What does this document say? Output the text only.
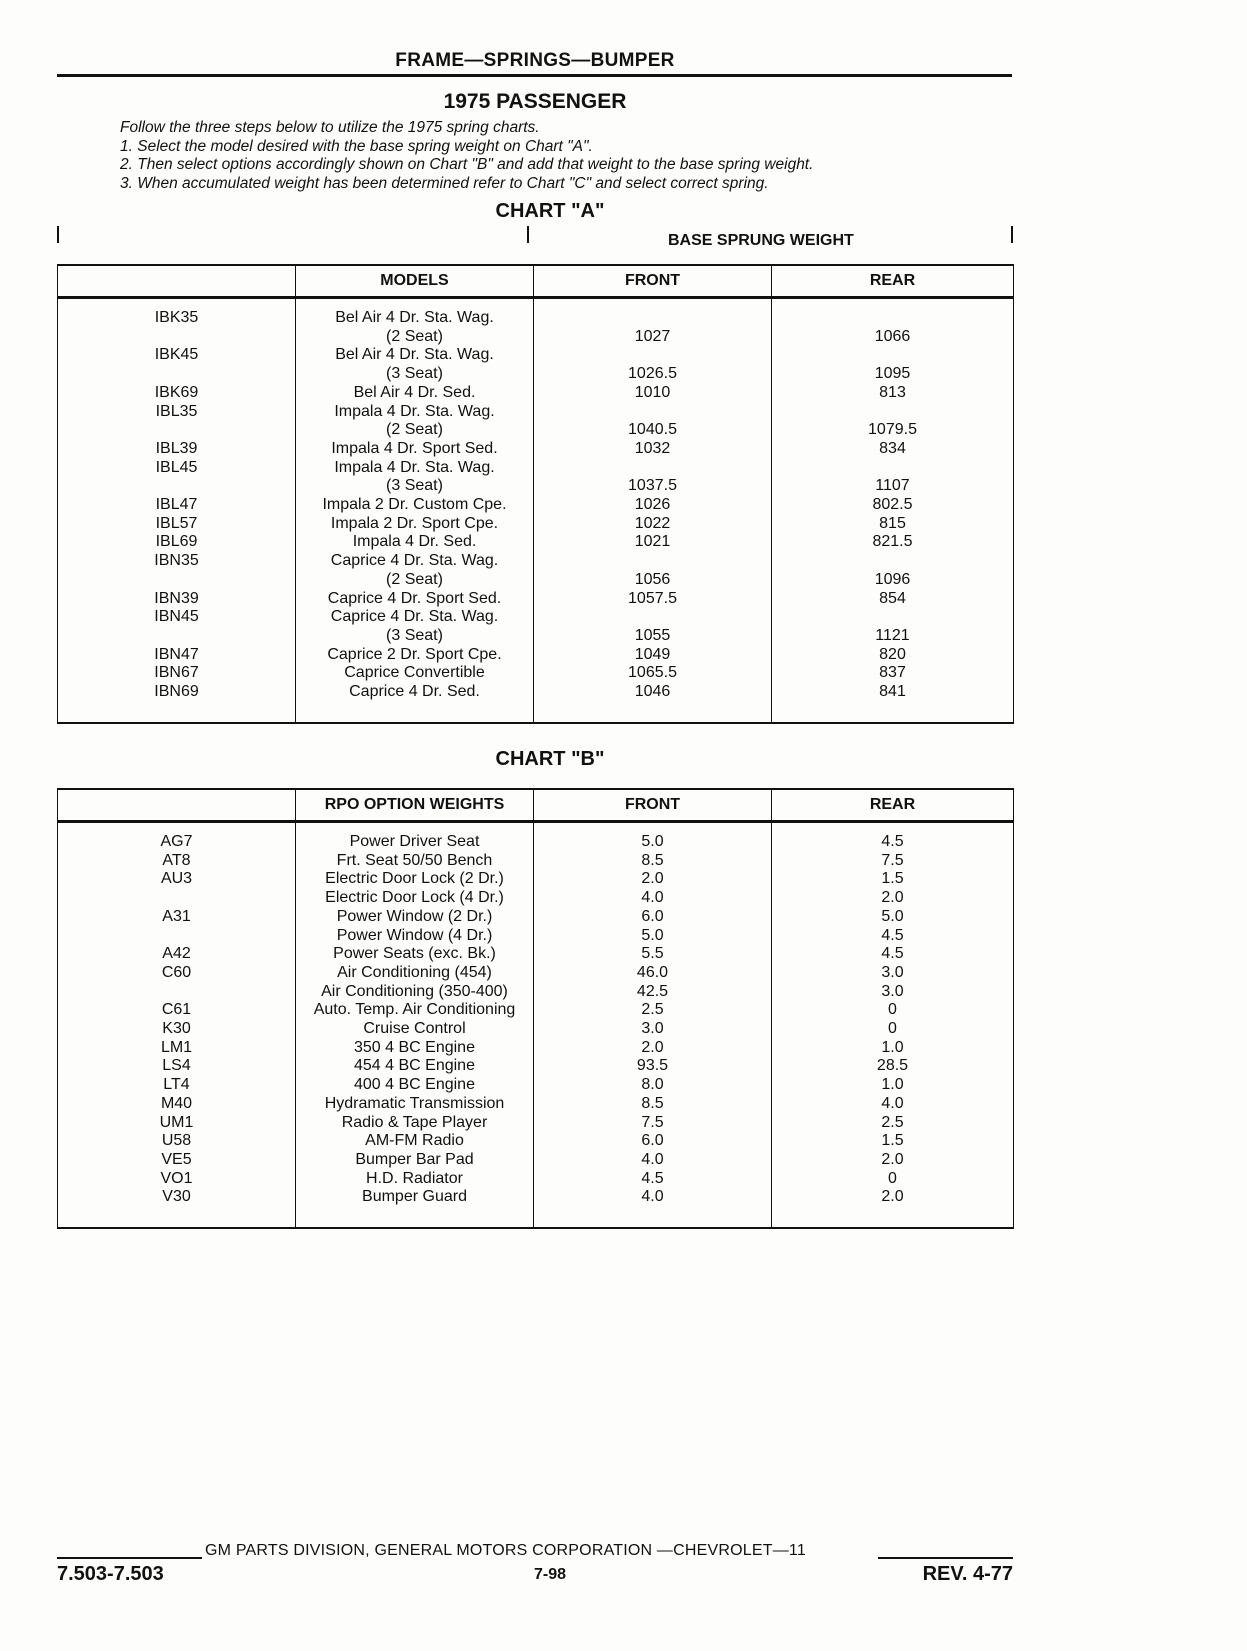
FRAME—SPRINGS—BUMPER
1975 PASSENGER
Follow the three steps below to utilize the 1975 spring charts.
1. Select the model desired with the base spring weight on Chart "A".
2. Then select options accordingly shown on Chart "B" and add that weight to the base spring weight.
3. When accumulated weight has been determined refer to Chart "C" and select correct spring.
CHART "A"
BASE SPRUNG WEIGHT
	MODELS	FRONT	REAR
IBK35	Bel Air 4 Dr. Sta. Wag.		
	(2 Seat)	1027	1066
IBK45	Bel Air 4 Dr. Sta. Wag.		
	(3 Seat)	1026.5	1095
IBK69	Bel Air 4 Dr. Sed.	1010	813
IBL35	Impala 4 Dr. Sta. Wag.		
	(2 Seat)	1040.5	1079.5
IBL39	Impala 4 Dr. Sport Sed.	1032	834
IBL45	Impala 4 Dr. Sta. Wag.		
	(3 Seat)	1037.5	1107
IBL47	Impala 2 Dr. Custom Cpe.	1026	802.5
IBL57	Impala 2 Dr. Sport Cpe.	1022	815
IBL69	Impala 4 Dr. Sed.	1021	821.5
IBN35	Caprice 4 Dr. Sta. Wag.		
	(2 Seat)	1056	1096
IBN39	Caprice 4 Dr. Sport Sed.	1057.5	854
IBN45	Caprice 4 Dr. Sta. Wag.		
	(3 Seat)	1055	1121
IBN47	Caprice 2 Dr. Sport Cpe.	1049	820
IBN67	Caprice Convertible	1065.5	837
IBN69	Caprice 4 Dr. Sed.	1046	841

CHART "B"
	RPO OPTION WEIGHTS	FRONT	REAR
AG7	Power Driver Seat	5.0	4.5
AT8	Frt. Seat 50/50 Bench	8.5	7.5
AU3	Electric Door Lock (2 Dr.)	2.0	1.5
	Electric Door Lock (4 Dr.)	4.0	2.0
A31	Power Window (2 Dr.)	6.0	5.0
	Power Window (4 Dr.)	5.0	4.5
A42	Power Seats (exc. Bk.)	5.5	4.5
C60	Air Conditioning (454)	46.0	3.0
	Air Conditioning (350-400)	42.5	3.0
C61	Auto. Temp. Air Conditioning	2.5	0
K30	Cruise Control	3.0	0
LM1	350 4 BC Engine	2.0	1.0
LS4	454 4 BC Engine	93.5	28.5
LT4	400 4 BC Engine	8.0	1.0
M40	Hydramatic Transmission	8.5	4.0
UM1	Radio & Tape Player	7.5	2.5
U58	AM-FM Radio	6.0	1.5
VE5	Bumper Bar Pad	4.0	2.0
VO1	H.D. Radiator	4.5	0
V30	Bumper Guard	4.0	2.0

GM PARTS DIVISION, GENERAL MOTORS CORPORATION —CHEVROLET—11
7.503-7.503	7-98	REV. 4-77
